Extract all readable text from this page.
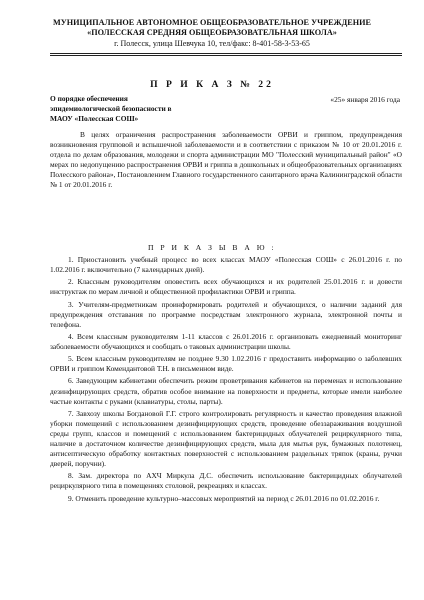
МУНИЦИПАЛЬНОЕ АВТОНОМНОЕ ОБЩЕОБРАЗОВАТЕЛЬНОЕ УЧРЕЖДЕНИЕ
«ПОЛЕССКАЯ СРЕДНЯЯ ОБЩЕОБРАЗОВАТЕЛЬНАЯ ШКОЛА»
г. Полесск, улица Шевчука 10, тел/факс: 8-401-58-3-53-65
П Р И К А З № 22
О порядке обеспечения
эпидемиологической безопасности в
МАОУ «Полесская СОШ»
«25» января 2016 года

В целях ограничения распространения заболеваемости ОРВИ и гриппом, предупреждения возникновения групповой и вспышечной заболеваемости и в соответствии с приказом № 10 от 20.01.2016 г. отдела по делам образования, молодежи и спорта администрации МО "Полесский муниципальный район" «О мерах по недопущению распространения ОРВИ и гриппа в дошкольных и общеобразовательных организациях Полесского района», Постановлением Главного государственного санитарного врача Калининградской области № 1 от 20.01.2016 г.

П Р И К А З Ы В А Ю :

1. Приостановить учебный процесс во всех классах МАОУ «Полесская СОШ» с 26.01.2016 г. по 1.02.2016 г. включительно (7 календарных дней).

2. Классным руководителям оповестить всех обучающихся и их родителей 25.01.2016 г. и довести инструктаж по мерам личной и общественной профилактики ОРВИ и гриппа.

3. Учителям-предметникам проинформировать родителей и обучающихся, о наличии заданий для предупреждения отставания по программе посредствам электронного журнала, электронной почты и телефона.

4. Всем классным руководителям 1-11 классов с 26.01.2016 г. организовать ежедневный мониторинг заболеваемости обучающихся и сообщать о таковых администрации школы.

5. Всем классным руководителям не позднее 9.30 1.02.2016 г предоставить информацию о заболевших ОРВИ и гриппом Комендантовой Т.Н. в письменном виде.

6. Заведующим кабинетами обеспечить режим проветривания кабинетов на переменах и использование дезинфицирующих средств, обратив особое внимание на поверхности и предметы, которые имели наиболее частые контакты с руками (клавиатуры, столы, парты).

7. Завхозу школы Богдановой Г.Г. строго контролировать регулярность и качество проведения влажной уборки помещений с использованием дезинфицирующих средств, проведение обеззараживания воздушной среды групп, классов и помещений с использованием бактерицидных облучателей рециркулярного типа, наличие в достаточном количестве дезинфицирующих средств, мыла для мытья рук, бумажных полотенец, антисептическую обработку контактных поверхностей с использованием раздельных тряпок (краны, ручки дверей, поручни).

8. Зам. директора по АХЧ Миркула Д.С. обеспечить использование бактерицидных облучателей рециркулярного типа в помещениях столовой, рекреациях и классах.

9. Отменить проведение культурно–массовых мероприятий на период с 26.01.2016 по 01.02.2016 г.
